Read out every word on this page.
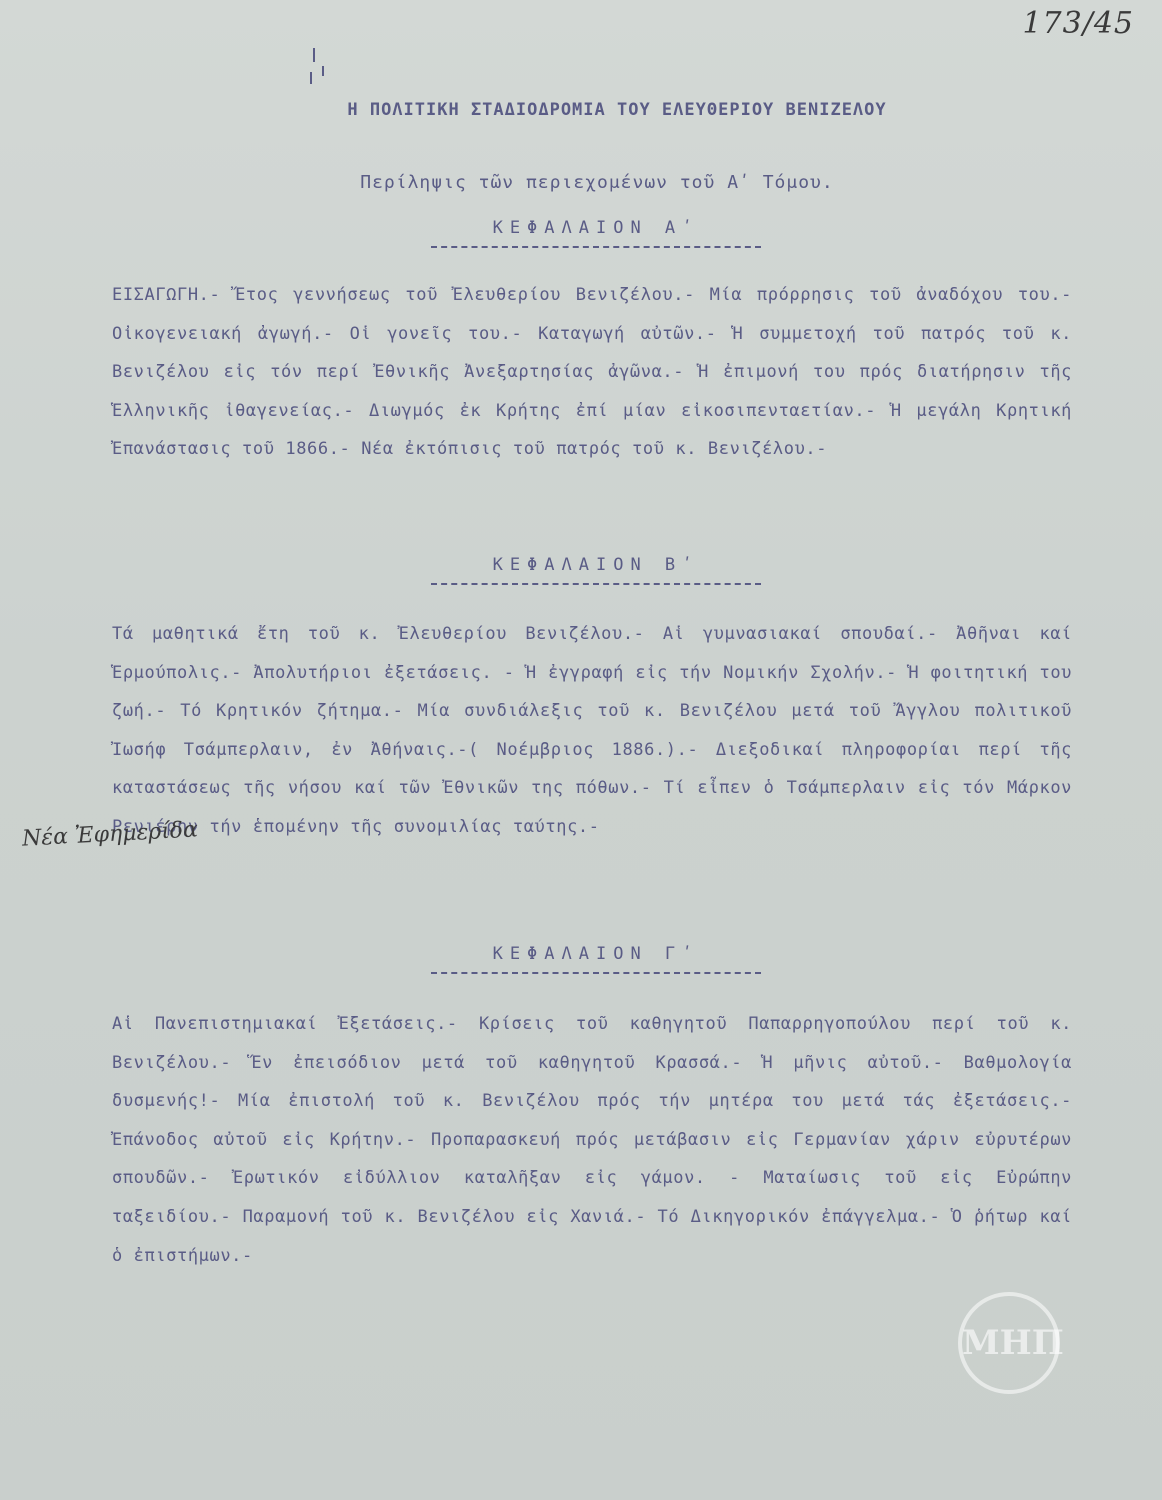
173/45
Η ΠΟΛΙΤΙΚΗ ΣΤΑΔΙΟΔΡΟΜΙΑ ΤΟΥ ΕΛΕΥΘΕΡΙΟΥ ΒΕΝΙΖΕΛΟΥ
Περίληψις τῶν περιεχομένων τοῦ Αʹ Τόμου.
ΚΕΦΑΛΑΙΟΝ Αʹ

ΕΙΣΑΓΩΓΗ.- Ἔτος γεννήσεως τοῦ Ἐλευθερίου Βενιζέλου.- Μία πρόρρησις τοῦ ἀναδόχου του.- Οἰκογενειακή ἀγωγή.- Οἱ γονεῖς του.- Καταγωγή αὐτῶν.- Ἡ συμμετοχή τοῦ πατρός τοῦ κ. Βενιζέλου εἰς τόν περί Ἐθνικῆς Ἀνεξαρτησίας ἀγῶνα.- Ἡ ἐπιμονή του πρός διατήρησιν τῆς Ἑλληνικῆς ἰθαγενείας.- Διωγμός ἐκ Κρήτης ἐπί μίαν εἰκοσιπενταετίαν.- Ἡ μεγάλη Κρητική Ἐπανάστασις τοῦ 1866.- Νέα ἐκτόπισις τοῦ πατρός τοῦ κ. Βενιζέλου.-

ΚΕΦΑΛΑΙΟΝ Βʹ

Τά μαθητικά ἔτη τοῦ κ. Ἐλευθερίου Βενιζέλου.- Αἱ γυμνασιακαί σπουδαί.- Ἀθῆναι καί Ἑρμούπολις.- Ἀπολυτήριοι ἐξετάσεις. - Ἡ ἐγγραφή εἰς τήν Νομικήν Σχολήν.- Ἡ φοιτητική του ζωή.- Τό Κρητικόν ζήτημα.- Μία συνδιάλεξις τοῦ κ. Βενιζέλου μετά τοῦ Ἄγγλου πολιτικοῦ Ἰωσήφ Τσάμπερλαιν, ἐν Ἀθήναις.-( Νοέμβριος 1886.).- Διεξοδικαί πληροφορίαι περί τῆς καταστάσεως τῆς νήσου καί τῶν Ἐθνικῶν της πόθων.- Τί εἶπεν ὁ Τσάμπερλαιν εἰς τόν Μάρκον Ρενιέρην τήν ἑπομένην τῆς συνομιλίας ταύτης.-

Νέα Ἐφημερίδα
ΚΕΦΑΛΑΙΟΝ Γʹ

Αἱ Πανεπιστημιακαί Ἐξετάσεις.- Κρίσεις τοῦ καθηγητοῦ Παπαρρηγοπούλου περί τοῦ κ. Βενιζέλου.- Ἕν ἐπεισόδιον μετά τοῦ καθηγητοῦ Κρασσά.- Ἡ μῆνις αὐτοῦ.- Βαθμολογία δυσμενής!- Μία ἐπιστολή τοῦ κ. Βενιζέλου πρός τήν μητέρα του μετά τάς ἐξετάσεις.- Ἐπάνοδος αὐτοῦ εἰς Κρήτην.- Προπαρασκευή πρός μετάβασιν εἰς Γερμανίαν χάριν εὐρυτέρων σπουδῶν.- Ἐρωτικόν εἰδύλλιον καταλῆξαν εἰς γάμον. - Ματαίωσις τοῦ εἰς Εὐρώπην ταξειδίου.- Παραμονή τοῦ κ. Βενιζέλου εἰς Χανιά.- Τό Δικηγορικόν ἐπάγγελμα.- Ὁ ῥήτωρ καί ὁ ἐπιστήμων.-

ΜΗΠ
